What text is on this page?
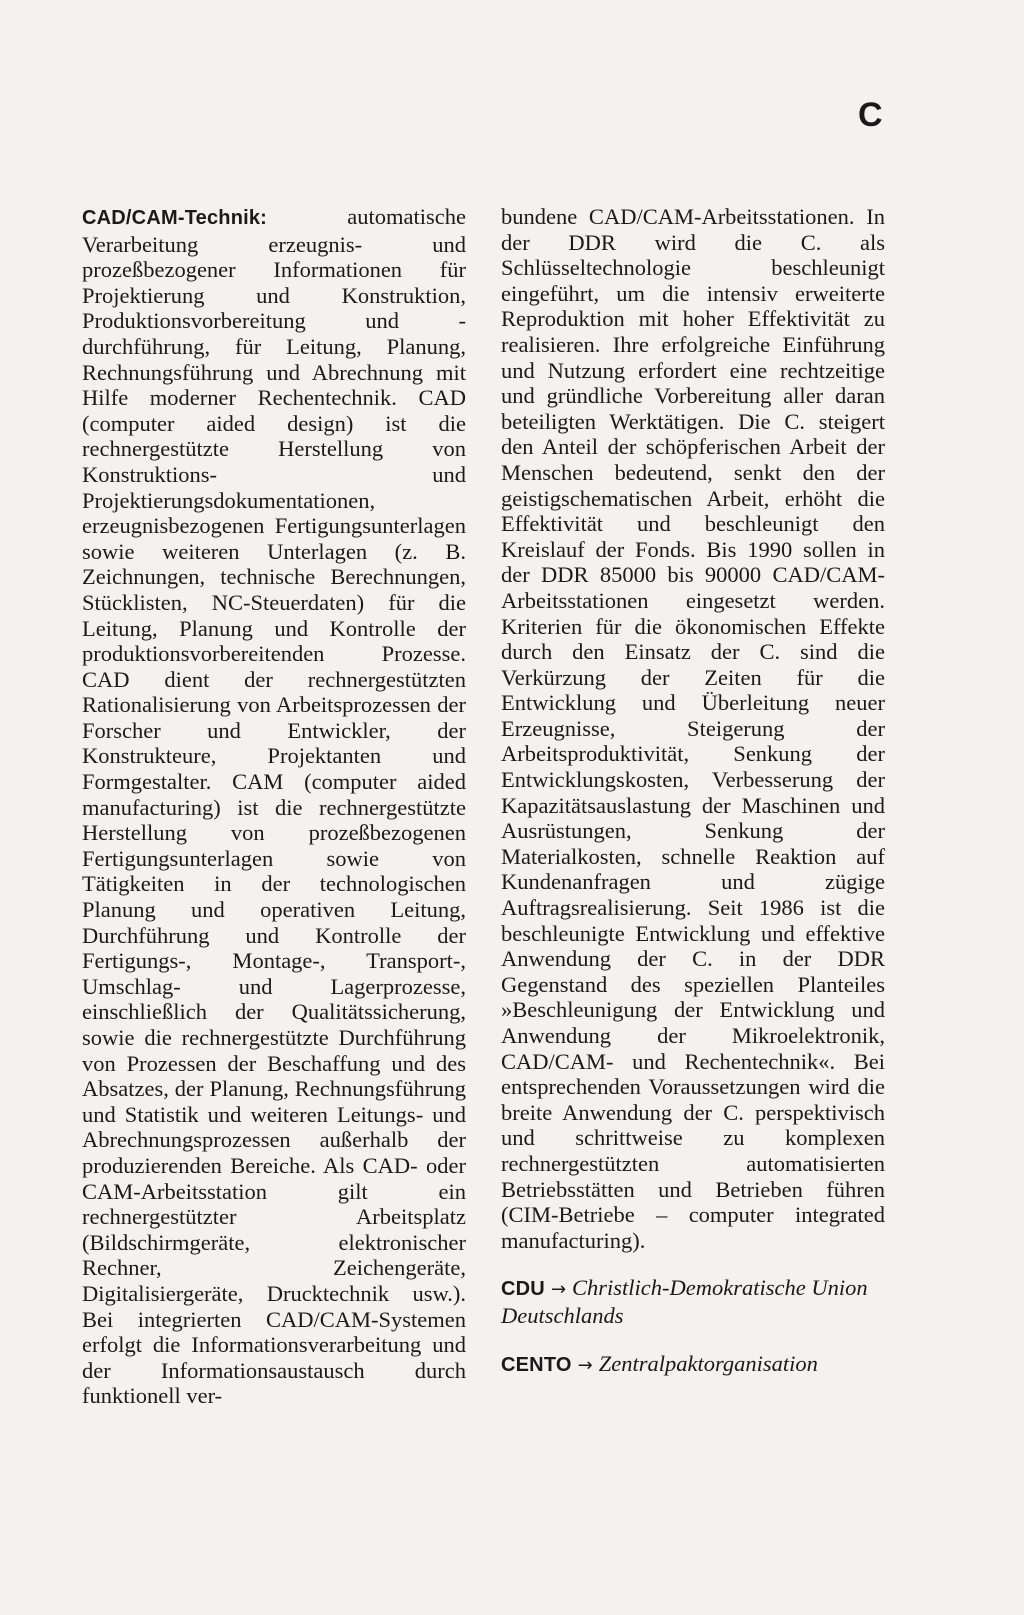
C

CAD/CAM-Technik: automatische Verarbeitung erzeugnis- und prozeßbezogener Informationen für Projektierung und Konstruktion, Produktionsvorbereitung und -durchführung, für Leitung, Planung, Rechnungsführung und Abrechnung mit Hilfe moderner Rechentechnik. CAD (computer aided design) ist die rechnergestützte Herstellung von Konstruktions- und Projektierungsdokumentationen, erzeugnisbezogenen Fertigungsunterlagen sowie weiteren Unterlagen (z. B. Zeichnungen, technische Berechnungen, Stücklisten, NC-Steuerdaten) für die Leitung, Planung und Kontrolle der produktionsvorbereitenden Prozesse. CAD dient der rechnergestützten Rationalisierung von Arbeitsprozessen der Forscher und Entwickler, der Konstrukteure, Projektanten und Formgestalter. CAM (computer aided manufacturing) ist die rechnergestützte Herstellung von prozeßbezogenen Fertigungsunterlagen sowie von Tätigkeiten in der technologischen Planung und operativen Leitung, Durchführung und Kontrolle der Fertigungs-, Montage-, Transport-, Umschlag- und Lagerprozesse, einschließlich der Qualitätssicherung, sowie die rechnergestützte Durchführung von Prozessen der Beschaffung und des Absatzes, der Planung, Rechnungsführung und Statistik und weiteren Leitungs- und Abrechnungsprozessen außerhalb der produzierenden Bereiche. Als CAD- oder CAM-Arbeitsstation gilt ein rechnergestützter Arbeitsplatz (Bildschirmgeräte, elektronischer Rechner, Zeichengeräte, Digitalisiergeräte, Drucktechnik usw.). Bei integrierten CAD/CAM-Systemen erfolgt die Informationsverarbeitung und der Informationsaustausch durch funktionell ver-

bundene CAD/CAM-Arbeitsstationen. In der DDR wird die C. als Schlüsseltechnologie beschleunigt eingeführt, um die intensiv erweiterte Reproduktion mit hoher Effektivität zu realisieren. Ihre erfolgreiche Einführung und Nutzung erfordert eine rechtzeitige und gründliche Vorbereitung aller daran beteiligten Werktätigen. Die C. steigert den Anteil der schöpferischen Arbeit der Menschen bedeutend, senkt den der geistigschematischen Arbeit, erhöht die Effektivität und beschleunigt den Kreislauf der Fonds. Bis 1990 sollen in der DDR 85000 bis 90000 CAD/CAM-Arbeitsstationen eingesetzt werden. Kriterien für die ökonomischen Effekte durch den Einsatz der C. sind die Verkürzung der Zeiten für die Entwicklung und Überleitung neuer Erzeugnisse, Steigerung der Arbeitsproduktivität, Senkung der Entwicklungskosten, Verbesserung der Kapazitätsauslastung der Maschinen und Ausrüstungen, Senkung der Materialkosten, schnelle Reaktion auf Kundenanfragen und zügige Auftragsrealisierung. Seit 1986 ist die beschleunigte Entwicklung und effektive Anwendung der C. in der DDR Gegenstand des speziellen Planteiles »Beschleunigung der Entwicklung und Anwendung der Mikroelektronik, CAD/CAM- und Rechentechnik«. Bei entsprechenden Voraussetzungen wird die breite Anwendung der C. perspektivisch und schrittweise zu komplexen rechnergestützten automatisierten Betriebsstätten und Betrieben führen (CIM-Betriebe – computer integrated manufacturing).

CDU → Christlich-Demokratische Union Deutschlands

CENTO → Zentralpaktorganisation
